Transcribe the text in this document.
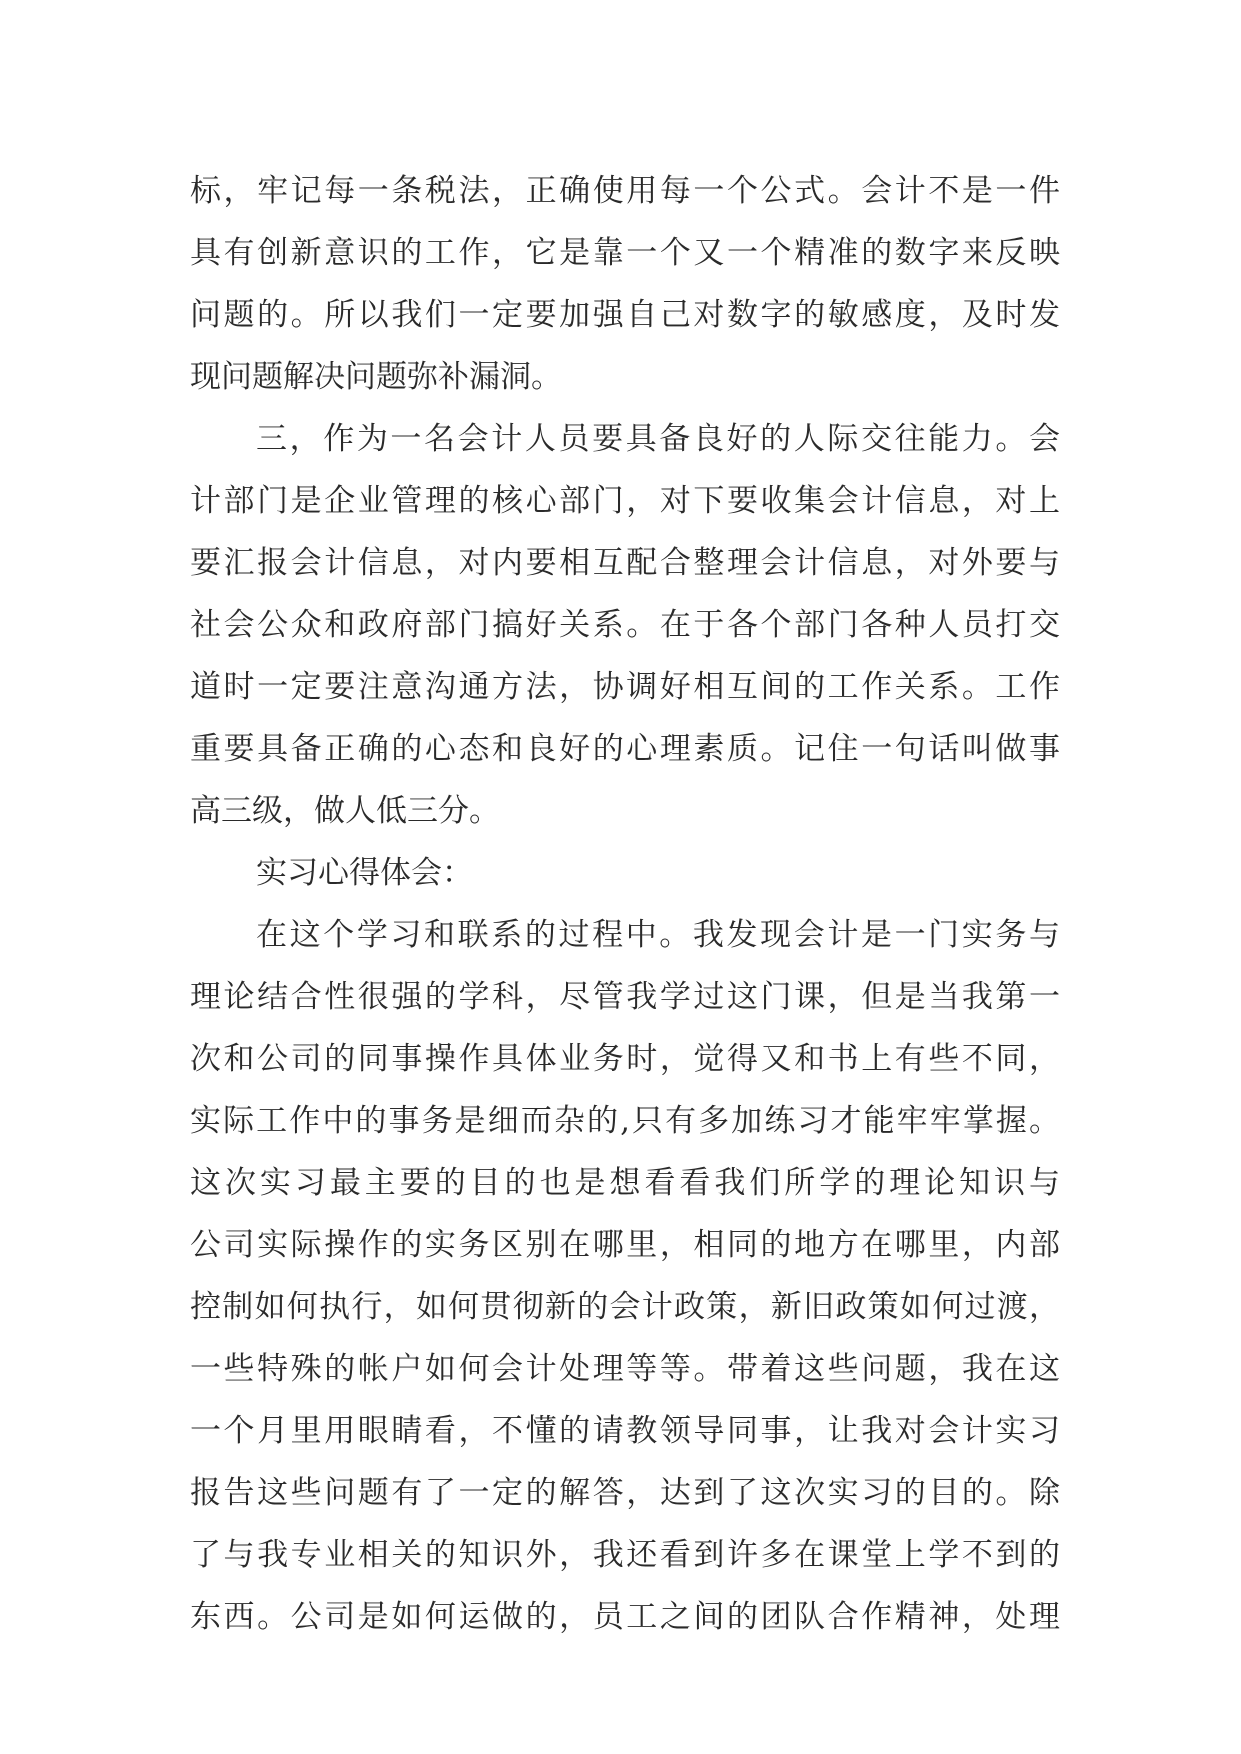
标，牢记每一条税法，正确使用每一个公式。会计不是一件
具有创新意识的工作，它是靠一个又一个精准的数字来反映
问题的。所以我们一定要加强自己对数字的敏感度，及时发
现问题解决问题弥补漏洞。
三，作为一名会计人员要具备良好的人际交往能力。会
计部门是企业管理的核心部门，对下要收集会计信息，对上
要汇报会计信息，对内要相互配合整理会计信息，对外要与
社会公众和政府部门搞好关系。在于各个部门各种人员打交
道时一定要注意沟通方法，协调好相互间的工作关系。工作
重要具备正确的心态和良好的心理素质。记住一句话叫做事
高三级，做人低三分。
实习心得体会：
在这个学习和联系的过程中。我发现会计是一门实务与
理论结合性很强的学科，尽管我学过这门课，但是当我第一
次和公司的同事操作具体业务时，觉得又和书上有些不同，
实际工作中的事务是细而杂的,只有多加练习才能牢牢掌握。
这次实习最主要的目的也是想看看我们所学的理论知识与
公司实际操作的实务区别在哪里，相同的地方在哪里，内部
控制如何执行，如何贯彻新的会计政策，新旧政策如何过渡，
一些特殊的帐户如何会计处理等等。带着这些问题，我在这
一个月里用眼睛看，不懂的请教领导同事，让我对会计实习
报告这些问题有了一定的解答，达到了这次实习的目的。除
了与我专业相关的知识外，我还看到许多在课堂上学不到的
东西。公司是如何运做的，员工之间的团队合作精神，处理
